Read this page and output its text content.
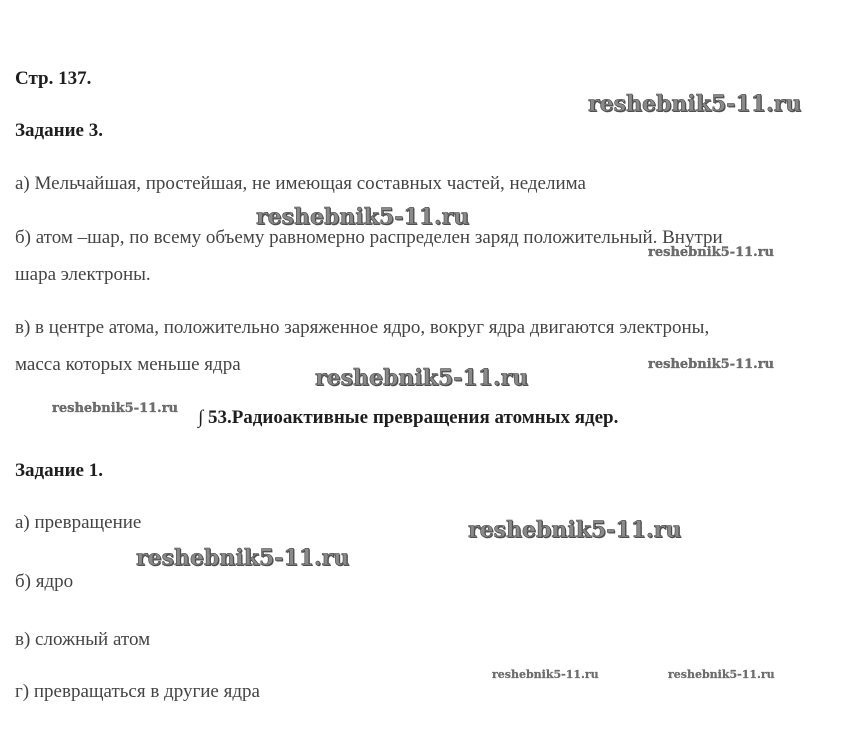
Стр. 137.
Задание 3.
а) Мельчайшая, простейшая, не имеющая составных частей, неделима
б) атом –шар, по всему объему равномерно распределен заряд положительный. Внутри
шара электроны.
в) в центре атома, положительно заряженное ядро, вокруг ядра двигаются электроны,
масса которых меньше ядра
∫ 53.Радиоактивные превращения атомных ядер.
Задание 1.
а) превращение
б) ядро
в) сложный атом
г) превращаться в другие ядра
reshebnik5-11.ru
reshebnik5-11.ru
reshebnik5-11.ru
reshebnik5-11.ru
reshebnik5-11.ru
reshebnik5-11.ru
reshebnik5-11.ru
reshebnik5-11.ru
reshebnik5-11.ru	reshebnik5-11.ru
